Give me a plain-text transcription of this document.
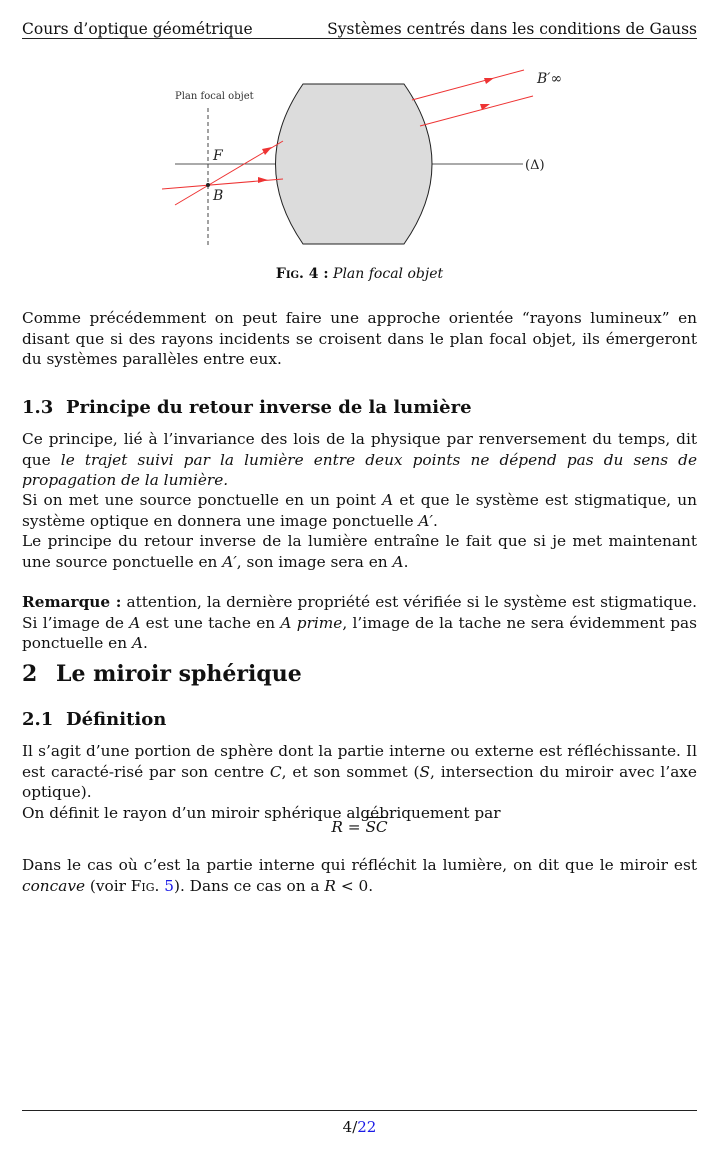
Cours d’optique géométrique	Systèmes centrés dans les conditions de Gauss
Plan focal objet
F
B
B′∞
(Δ)
Fig. 4 : Plan focal objet
Comme précédemment on peut faire une approche orientée “rayons lumineux” en disant que si des rayons incidents se croisent dans le plan focal objet, ils émergeront du systèmes parallèles entre eux.
1.3 Principe du retour inverse de la lumière
Ce principe, lié à l’invariance des lois de la physique par renversement du temps, dit que le trajet suivi par la lumière entre deux points ne dépend pas du sens de propagation de la lumière.
Si on met une source ponctuelle en un point A et que le système est stigmatique, un système optique en donnera une image ponctuelle A′.
Le principe du retour inverse de la lumière entraîne le fait que si je met maintenant une source ponctuelle en A′, son image sera en A.
Remarque : attention, la dernière propriété est vérifiée si le système est stigmatique. Si l’image de A est une tache en A prime, l’image de la tache ne sera évidemment pas ponctuelle en A.
2 Le miroir sphérique
2.1 Définition
Il s’agit d’une portion de sphère dont la partie interne ou externe est réfléchissante. Il est caracté-risé par son centre C, et son sommet (S, intersection du miroir avec l’axe optique).
On définit le rayon d’un miroir sphérique algébriquement par
$R = \overline{SC}$
Dans le cas où c’est la partie interne qui réfléchit la lumière, on dit que le miroir est concave (voir Fig. 5). Dans ce cas on a R < 0.
4/22
